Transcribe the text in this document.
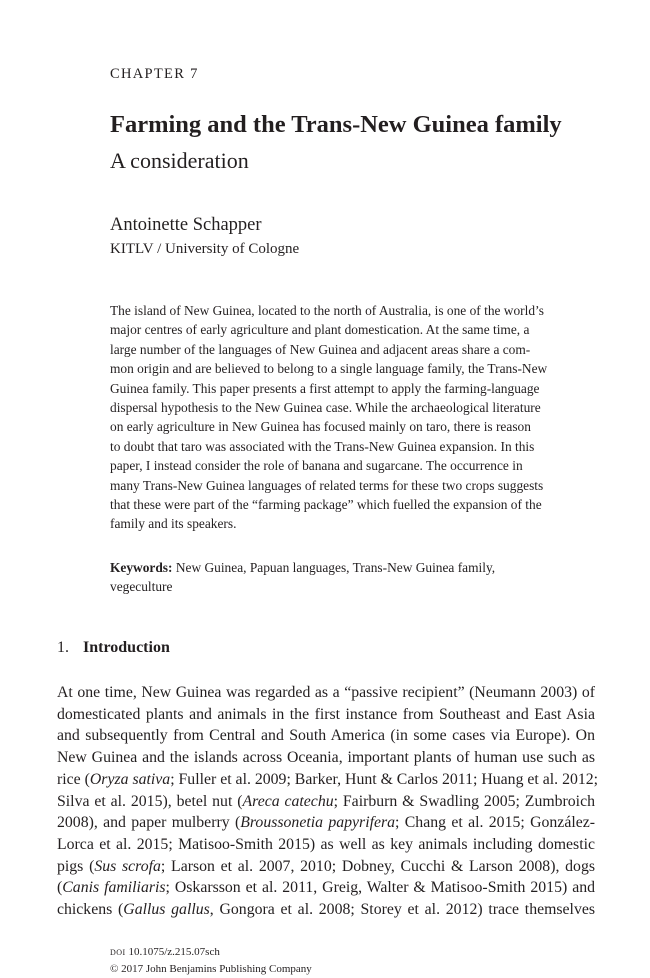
CHAPTER 7
Farming and the Trans-New Guinea family
A consideration
Antoinette Schapper
KITLV / University of Cologne
The island of New Guinea, located to the north of Australia, is one of the world’s
major centres of early agriculture and plant domestication. At the same time, a
large number of the languages of New Guinea and adjacent areas share a com-
mon origin and are believed to belong to a single language family, the Trans-New
Guinea family. This paper presents a first attempt to apply the farming-language
dispersal hypothesis to the New Guinea case. While the archaeological literature
on early agriculture in New Guinea has focused mainly on taro, there is reason
to doubt that taro was associated with the Trans-New Guinea expansion. In this
paper, I instead consider the role of banana and sugarcane. The occurrence in
many Trans-New Guinea languages of related terms for these two crops suggests
that these were part of the “farming package” which fuelled the expansion of the
family and its speakers.
Keywords: New Guinea, Papuan languages, Trans-New Guinea family,
vegeculture
1. Introduction
At one time, New Guinea was regarded as a “passive recipient” (Neumann 2003) of
domesticated plants and animals in the first instance from Southeast and East Asia
and subsequently from Central and South America (in some cases via Europe). On
New Guinea and the islands across Oceania, important plants of human use such as
rice (Oryza sativa; Fuller et al. 2009; Barker, Hunt & Carlos 2011; Huang et al. 2012;
Silva et al. 2015), betel nut (Areca catechu; Fairburn & Swadling 2005; Zumbroich
2008), and paper mulberry (Broussonetia papyrifera; Chang et al. 2015; González-
Lorca et al. 2015; Matisoo-Smith 2015) as well as key animals including domestic
pigs (Sus scrofa; Larson et al. 2007, 2010; Dobney, Cucchi & Larson 2008), dogs
(Canis familiaris; Oskarsson et al. 2011, Greig, Walter & Matisoo-Smith 2015) and
chickens (Gallus gallus, Gongora et al. 2008; Storey et al. 2012) trace themselves
doi 10.1075/z.215.07sch
© 2017 John Benjamins Publishing Company
